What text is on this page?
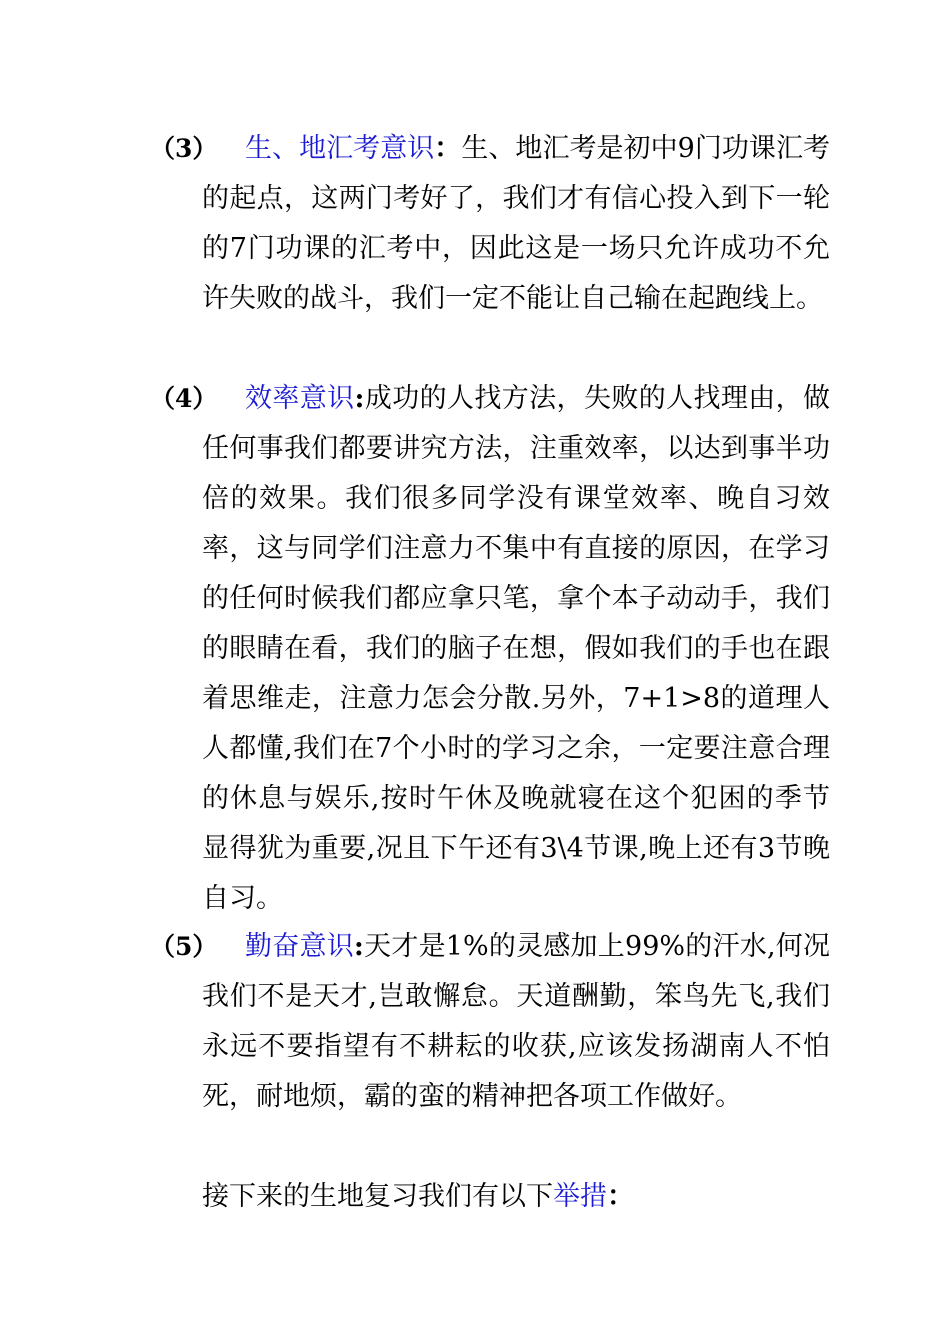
（3）	生、地汇考意识：生、地汇考是初中9门功课汇考的起点，这两门考好了，我们才有信心投入到下一轮的7门功课的汇考中，因此这是一场只允许成功不允许失败的战斗，我们一定不能让自己输在起跑线上。
（4）	效率意识:成功的人找方法，失败的人找理由，做任何事我们都要讲究方法，注重效率，以达到事半功倍的效果。我们很多同学没有课堂效率、晚自习效率，这与同学们注意力不集中有直接的原因，在学习的任何时候我们都应拿只笔，拿个本子动动手，我们的眼睛在看，我们的脑子在想，假如我们的手也在跟着思维走，注意力怎会分散.另外，7+1>8的道理人人都懂,我们在7个小时的学习之余，一定要注意合理的休息与娱乐,按时午休及晚就寝在这个犯困的季节显得犹为重要,况且下午还有3\4节课,晚上还有3节晚自习。
（5）	勤奋意识:天才是1%的灵感加上99%的汗水,何况我们不是天才,岂敢懈怠。天道酬勤，笨鸟先飞,我们永远不要指望有不耕耘的收获,应该发扬湖南人不怕死，耐地烦，霸的蛮的精神把各项工作做好。
接下来的生地复习我们有以下举措：
